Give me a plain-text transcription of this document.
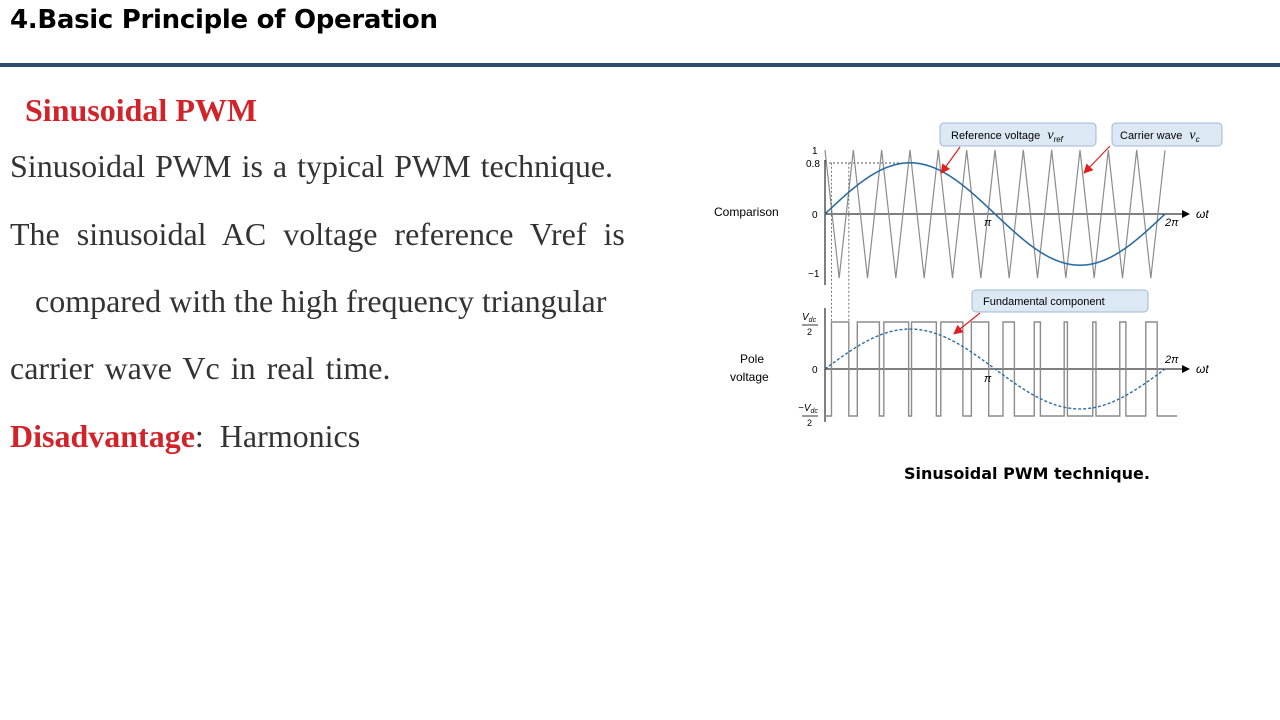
4.Basic Principle of Operation
Sinusoidal PWM
Sinusoidal PWM is a typical PWM technique.
The sinusoidal AC voltage reference Vref is
compared with the high frequency triangular
carrier wave Vc in real time.
Disadvantage: Harmonics
Comparison
1
0.8
0
−1
π	2π
ωt
Reference voltage $v_{ref}$	Carrier wave $v_c$
Pole
voltage
$V_{dc}$
2
0
$-V_{dc}$
2
π
2π
ωt
Fundamental component
Sinusoidal PWM technique.
